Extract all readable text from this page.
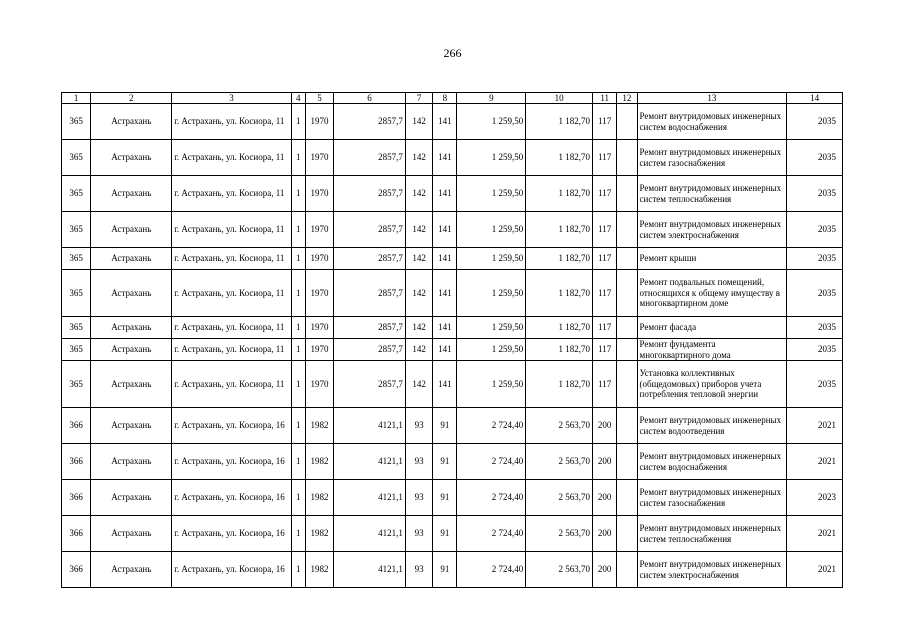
266
1	2	3	4	5	6	7	8	9	10	11	12	13	14
365	Астрахань	г. Астрахань, ул. Косиора, 11	1	1970	2857,7	142	141	1 259,50	1 182,70	117		Ремонт внутридомовых инженерных систем водоснабжения	2035
365	Астрахань	г. Астрахань, ул. Косиора, 11	1	1970	2857,7	142	141	1 259,50	1 182,70	117		Ремонт внутридомовых инженерных систем газоснабжения	2035
365	Астрахань	г. Астрахань, ул. Косиора, 11	1	1970	2857,7	142	141	1 259,50	1 182,70	117		Ремонт внутридомовых инженерных систем теплоснабжения	2035
365	Астрахань	г. Астрахань, ул. Косиора, 11	1	1970	2857,7	142	141	1 259,50	1 182,70	117		Ремонт внутридомовых инженерных систем электроснабжения	2035
365	Астрахань	г. Астрахань, ул. Косиора, 11	1	1970	2857,7	142	141	1 259,50	1 182,70	117		Ремонт крыши	2035
365	Астрахань	г. Астрахань, ул. Косиора, 11	1	1970	2857,7	142	141	1 259,50	1 182,70	117		Ремонт подвальных помещений, относящихся к общему имуществу в многоквартирном доме	2035
365	Астрахань	г. Астрахань, ул. Косиора, 11	1	1970	2857,7	142	141	1 259,50	1 182,70	117		Ремонт фасада	2035
365	Астрахань	г. Астрахань, ул. Косиора, 11	1	1970	2857,7	142	141	1 259,50	1 182,70	117		Ремонт фундамента многоквартирного дома	2035
365	Астрахань	г. Астрахань, ул. Косиора, 11	1	1970	2857,7	142	141	1 259,50	1 182,70	117		Установка коллективных (общедомовых) приборов учета потребления тепловой энергии	2035
366	Астрахань	г. Астрахань, ул. Косиора, 16	1	1982	4121,1	93	91	2 724,40	2 563,70	200		Ремонт внутридомовых инженерных систем водоотведения	2021
366	Астрахань	г. Астрахань, ул. Косиора, 16	1	1982	4121,1	93	91	2 724,40	2 563,70	200		Ремонт внутридомовых инженерных систем водоснабжения	2021
366	Астрахань	г. Астрахань, ул. Косиора, 16	1	1982	4121,1	93	91	2 724,40	2 563,70	200		Ремонт внутридомовых инженерных систем газоснабжения	2023
366	Астрахань	г. Астрахань, ул. Косиора, 16	1	1982	4121,1	93	91	2 724,40	2 563,70	200		Ремонт внутридомовых инженерных систем теплоснабжения	2021
366	Астрахань	г. Астрахань, ул. Косиора, 16	1	1982	4121,1	93	91	2 724,40	2 563,70	200		Ремонт внутридомовых инженерных систем электроснабжения	2021
